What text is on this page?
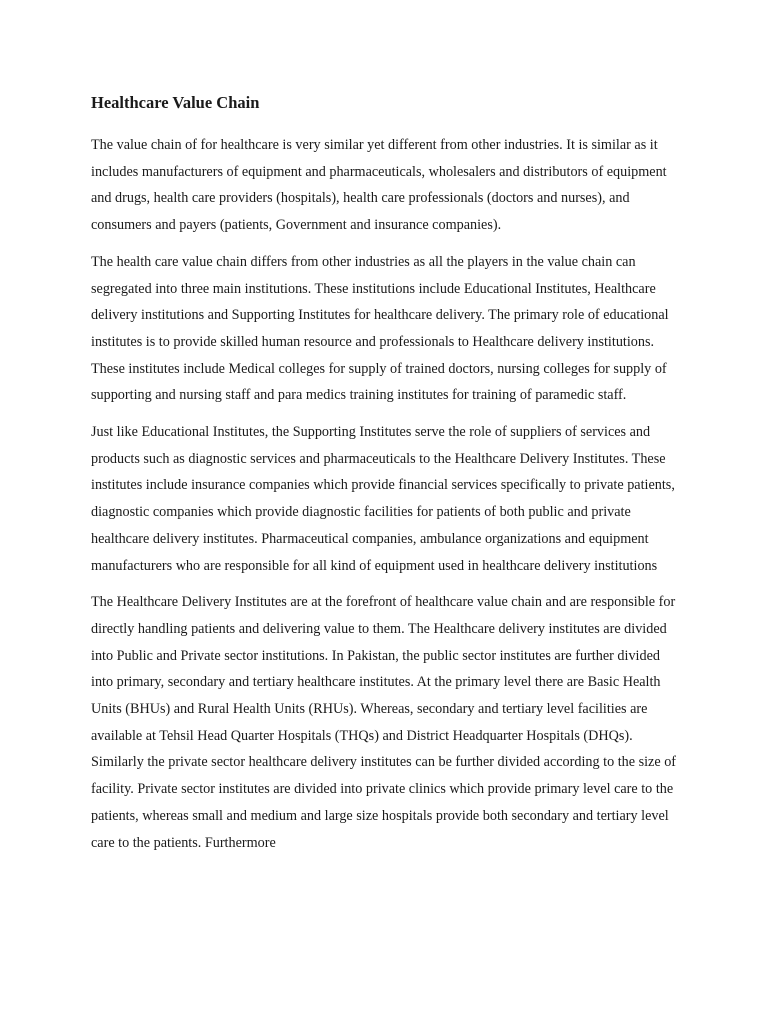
Healthcare Value Chain

The value chain of for healthcare is very similar yet different from other industries. It is similar as it includes manufacturers of equipment and pharmaceuticals, wholesalers and distributors of equipment and drugs, health care providers (hospitals), health care professionals (doctors and nurses), and consumers and payers (patients, Government and insurance companies).

The health care value chain differs from other industries as all the players in the value chain can segregated into three main institutions. These institutions include Educational Institutes, Healthcare delivery institutions and Supporting Institutes for healthcare delivery. The primary role of educational institutes is to provide skilled human resource and professionals to Healthcare delivery institutions. These institutes include Medical colleges for supply of trained doctors, nursing colleges for supply of supporting and nursing staff and para medics training institutes for training of paramedic staff.

Just like Educational Institutes, the Supporting Institutes serve the role of suppliers of services and products such as diagnostic services and pharmaceuticals to the Healthcare Delivery Institutes. These institutes include insurance companies which provide financial services specifically to private patients, diagnostic companies which provide diagnostic facilities for patients of both public and private healthcare delivery institutes. Pharmaceutical companies, ambulance organizations and equipment manufacturers who are responsible for all kind of equipment used in healthcare delivery institutions

The Healthcare Delivery Institutes are at the forefront of healthcare value chain and are responsible for directly handling patients and delivering value to them. The Healthcare delivery institutes are divided into Public and Private sector institutions. In Pakistan, the public sector institutes are further divided into primary, secondary and tertiary healthcare institutes. At the primary level there are Basic Health Units (BHUs) and Rural Health Units (RHUs). Whereas, secondary and tertiary level facilities are available at Tehsil Head Quarter Hospitals (THQs) and District Headquarter Hospitals (DHQs). Similarly the private sector healthcare delivery institutes can be further divided according to the size of facility. Private sector institutes are divided into private clinics which provide primary level care to the patients, whereas small and medium and large size hospitals provide both secondary and tertiary level care to the patients. Furthermore
